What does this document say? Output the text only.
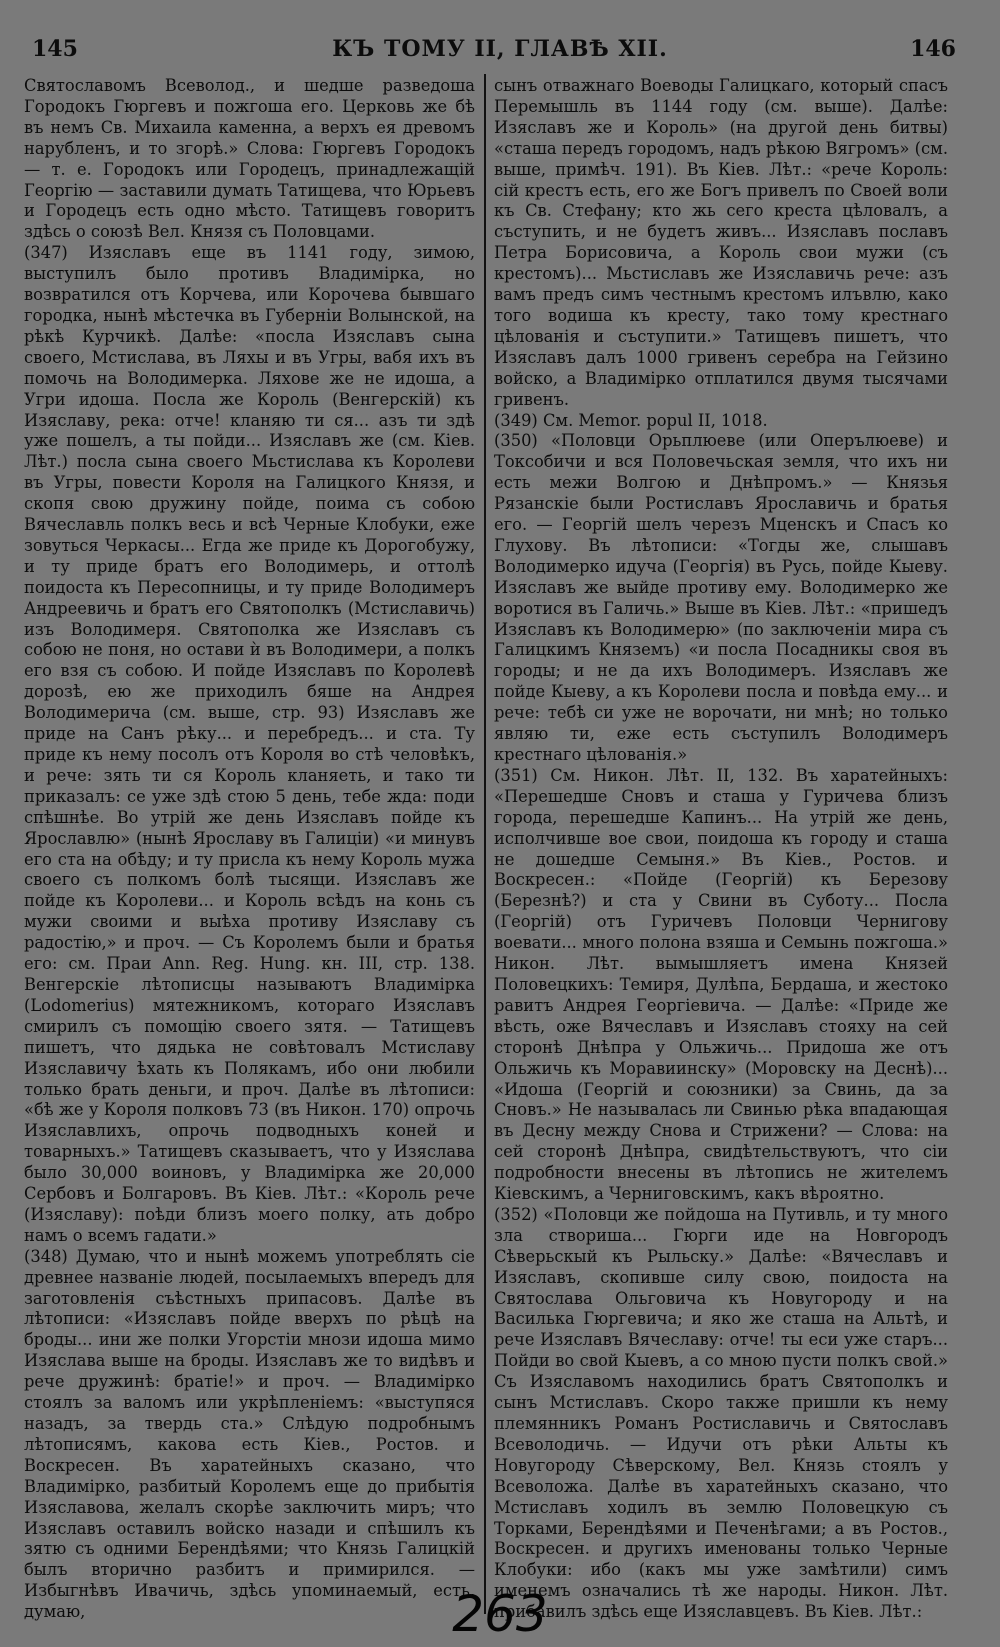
145	КЪ ТОМУ II, ГЛАВѢ XII.	146

Святославомъ Всеволод., и шедше разведоша Городокъ Гюргевъ и пожгоша его. Церковь же бѣ въ немъ Св. Михаила каменна, а верхъ ея древомъ нарубленъ, и то згорѣ.» Слова: Гюргевъ Городокъ — т. е. Городокъ или Городецъ, принадлежащій Георгію — заставили думать Татищева, что Юрьевъ и Городецъ есть одно мѣсто. Татищевъ говоритъ здѣсь о союзѣ Вел. Князя съ Половцами.

(347) Изяславъ еще въ 1141 году, зимою, выступилъ было противъ Владимірка, но возвратился отъ Корчева, или Корочева бывшаго городка, нынѣ мѣстечка въ Губерніи Волынской, на рѣкѣ Курчикѣ. Далѣе: «посла Изяславъ сына своего, Мстислава, въ Ляхы и въ Угры, вабя ихъ въ помочь на Володимерка. Ляхове же не идоша, а Угри идоша. Посла же Король (Венгерскій) къ Изяславу, река: отче! кланяю ти ся... азъ ти здѣ уже пошелъ, а ты пойди... Изяславъ же (см. Кіев. Лѣт.) посла сына своего Мьстислава къ Королеви въ Угры, повести Короля на Галицкого Князя, и скопя свою дружину пойде, поима съ собою Вячеславль полкъ весь и всѣ Черные Клобуки, еже зовуться Черкасы... Егда же приде къ Дорогобужу, и ту приде братъ его Володимерь, и оттолѣ поидоста къ Пересопницы, и ту приде Володимеръ Андреевичь и братъ его Святополкъ (Мстиславичь) изъ Володимеря. Святополка же Изяславъ съ собою не поня, но остави ѝ въ Володимери, а полкъ его взя съ собою. И пойде Изяславъ по Королевѣ дорозѣ, ею же приходилъ бяше на Андрея Володимерича (см. выше, стр. 93) Изяславъ же приде на Санъ рѣку... и перебредъ... и ста. Ту приде къ нему посолъ отъ Короля во стѣ человѣкъ, и рече: зять ти ся Король кланяеть, и тако ти приказалъ: се уже здѣ стою 5 день, тебе жда: поди спѣшнѣе. Во утрій же день Изяславъ пойде къ Ярославлю» (нынѣ Ярославу въ Галиціи) «и минувъ его ста на обѣду; и ту присла къ нему Король мужа своего съ полкомъ болѣ тысящи. Изяславъ же пойде къ Королеви... и Король всѣдъ на конь съ мужи своими и выѣха противу Изяславу съ радостію,» и проч. — Съ Королемъ были и братья его: см. Праи Ann. Reg. Hung. кн. III, стр. 138. Венгерскіе лѣтописцы называютъ Владимірка (Lodomerius) мятежникомъ, котораго Изяславъ смирилъ съ помощію своего зятя. — Татищевъ пишетъ, что дядька не совѣтовалъ Мстиславу Изяславичу ѣхать къ Полякамъ, ибо они любили только брать деньги, и проч. Далѣе въ лѣтописи: «бѣ же у Короля полковъ 73 (въ Никон. 170) опрочь Изяславлихъ, опрочь подводныхъ коней и товарныхъ.» Татищевъ сказываетъ, что у Изяслава было 30,000 воиновъ, у Владимірка же 20,000 Сербовъ и Болгаровъ. Въ Кіев. Лѣт.: «Король рече (Изяславу): поѣди близъ моего полку, ать добро намъ о всемъ гадати.»

(348) Думаю, что и нынѣ можемъ употреблять сіе древнее названіе людей, посылаемыхъ впередъ для заготовленія съѣстныхъ припасовъ. Далѣе въ лѣтописи: «Изяславъ пойде вверхъ по рѣцѣ на броды... ини же полки Угорстіи мнози идоша мимо Изяслава выше на броды. Изяславъ же то видѣвъ и рече дружинѣ: братіе!» и проч. — Владимірко стоялъ за валомъ или укрѣпленіемъ: «выступяся назадъ, за твердь ста.» Слѣдую подробнымъ лѣтописямъ, какова есть Кіев., Ростов. и Воскресен. Въ харатейныхъ сказано, что Владимірко, разбитый Королемъ еще до прибытія Изяславова, желалъ скорѣе заключить миръ; что Изяславъ оставилъ войско назади и спѣшилъ къ зятю съ одними Берендѣями; что Князь Галицкій былъ вторично разбитъ и примирился. — Избыгнѣвъ Ивачичь, здѣсь упоминаемый, есть, думаю,

сынъ отважнаго Воеводы Галицкаго, который спасъ Перемышль въ 1144 году (см. выше). Далѣе: Изяславъ же и Король» (на другой день битвы) «сташа передъ городомъ, надъ рѣкою Вягромъ» (см. выше, примѣч. 191). Въ Кіев. Лѣт.: «рече Король: сій крестъ есть, его же Богъ привелъ по Своей воли къ Св. Стефану; кто жь сего креста цѣловалъ, а съступить, и не будетъ живъ... Изяславъ пославъ Петра Борисовича, а Король свои мужи (съ крестомъ)... Мьстиславъ же Изяславичь рече: азъ вамъ предъ симъ честнымъ крестомъ илъвлю, како того водиша къ кресту, тако тому крестнаго цѣлованія и съступити.» Татищевъ пишетъ, что Изяславъ далъ 1000 гривенъ серебра на Гейзино войско, а Владимірко отплатился двумя тысячами гривенъ.

(349) См. Memor. popul II, 1018.

(350) «Половци Орьплюеве (или Оперълюеве) и Токсобичи и вся Половечьская земля, что ихъ ни есть межи Волгою и Днѣпромъ.» — Князья Рязанскіе были Ростиславъ Ярославичь и братья его. — Георгій шелъ черезъ Мценскъ и Спасъ ко Глухову. Въ лѣтописи: «Тогды же, слышавъ Володимерко идуча (Георгія) въ Русь, пойде Кыеву. Изяславъ же выйде противу ему. Володимерко же воротися въ Галичь.» Выше въ Кіев. Лѣт.: «пришедъ Изяславъ къ Володимерю» (по заключеніи мира съ Галицкимъ Княземъ) «и посла Посадникы своя въ городы; и не да ихъ Володимеръ. Изяславъ же пойде Кыеву, а къ Королеви посла и повѣда ему... и рече: тебѣ си уже не ворочати, ни мнѣ; но только являю ти, еже есть съступилъ Володимеръ крестнаго цѣлованія.»

(351) См. Никон. Лѣт. II, 132. Въ харатейныхъ: «Перешедше Сновъ и сташа у Гуричева близъ города, перешедше Капинъ... На утрій же день, исполчивше вое свои, поидоша къ городу и сташа не дошедше Семыня.» Въ Кіев., Ростов. и Воскресен.: «Пойде (Георгій) къ Березову (Березнѣ?) и ста у Свини въ Суботу... Посла (Георгій) отъ Гуричевъ Половци Чернигову воевати... много полона взяша и Семынь пожгоша.» Никон. Лѣт. вымышляетъ имена Князей Половецкихъ: Темиря, Дулѣпа, Бердаша, и жестоко равитъ Андрея Георгіевича. — Далѣе: «Приде же вѣсть, оже Вячеславъ и Изяславъ стояху на сей сторонѣ Днѣпра у Ольжичь... Придоша же отъ Ольжичь къ Моравиинску» (Моровску на Деснѣ)... «Идоша (Георгій и союзники) за Свинь, да за Сновъ.» Не называлась ли Свинью рѣка впадающая въ Десну между Снова и Стрижени? — Слова: на сей сторонѣ Днѣпра, свидѣтельствуютъ, что сіи подробности внесены въ лѣтопись не жителемъ Кіевскимъ, а Черниговскимъ, какъ вѣроятно.

(352) «Половци же пойдоша на Путивль, и ту много зла створиша... Гюрги иде на Новгородъ Сѣверьскый къ Рыльску.» Далѣе: «Вячеславъ и Изяславъ, скопивше силу свою, поидоста на Святослава Ольговича къ Новугороду и на Василька Гюргевича; и яко же сташа на Альтѣ, и рече Изяславъ Вячеславу: отче! ты еси уже старъ... Пойди во свой Кыевъ, а со мною пусти полкъ свой.» Съ Изяславомъ находились братъ Святополкъ и сынъ Мстиславъ. Скоро также пришли къ нему племянникъ Романъ Ростиславичь и Святославъ Всеволодичь. — Идучи отъ рѣки Альты къ Новугороду Сѣверскому, Вел. Князь стоялъ у Всеволожа. Далѣе въ харатейныхъ сказано, что Мстиславъ ходилъ въ землю Половецкую съ Торками, Берендѣями и Печенѣгами; а въ Ростов., Воскресен. и другихъ именованы только Черные Клобуки: ибо (какъ мы уже замѣтили) симъ именемъ означались тѣ же народы. Никон. Лѣт. прибавилъ здѣсь еще Изяславцевъ. Въ Кіев. Лѣт.:

263
